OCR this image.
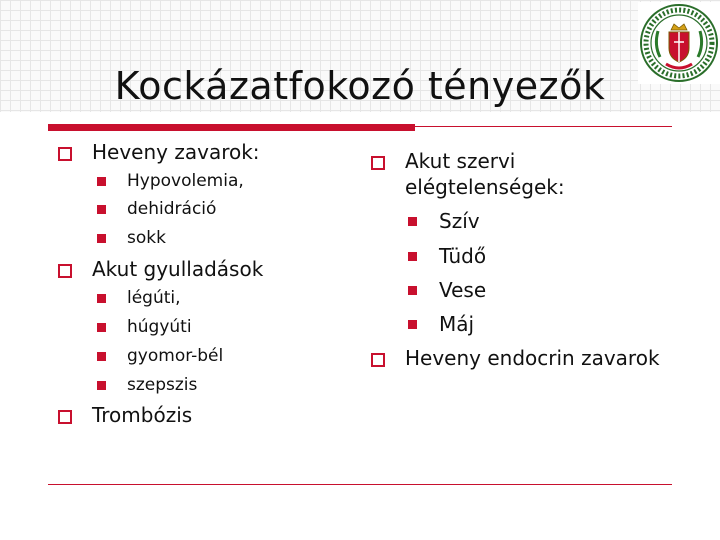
Kockázatfokozó tényezők
Heveny zavarok:
Hypovolemia,
dehidráció
sokk
Akut gyulladások
légúti,
húgyúti
gyomor-bél
szepszis
Trombózis
Akut szervi
elégtelenségek:
Szív
Tüdő
Vese
Máj
Heveny endocrin zavarok
